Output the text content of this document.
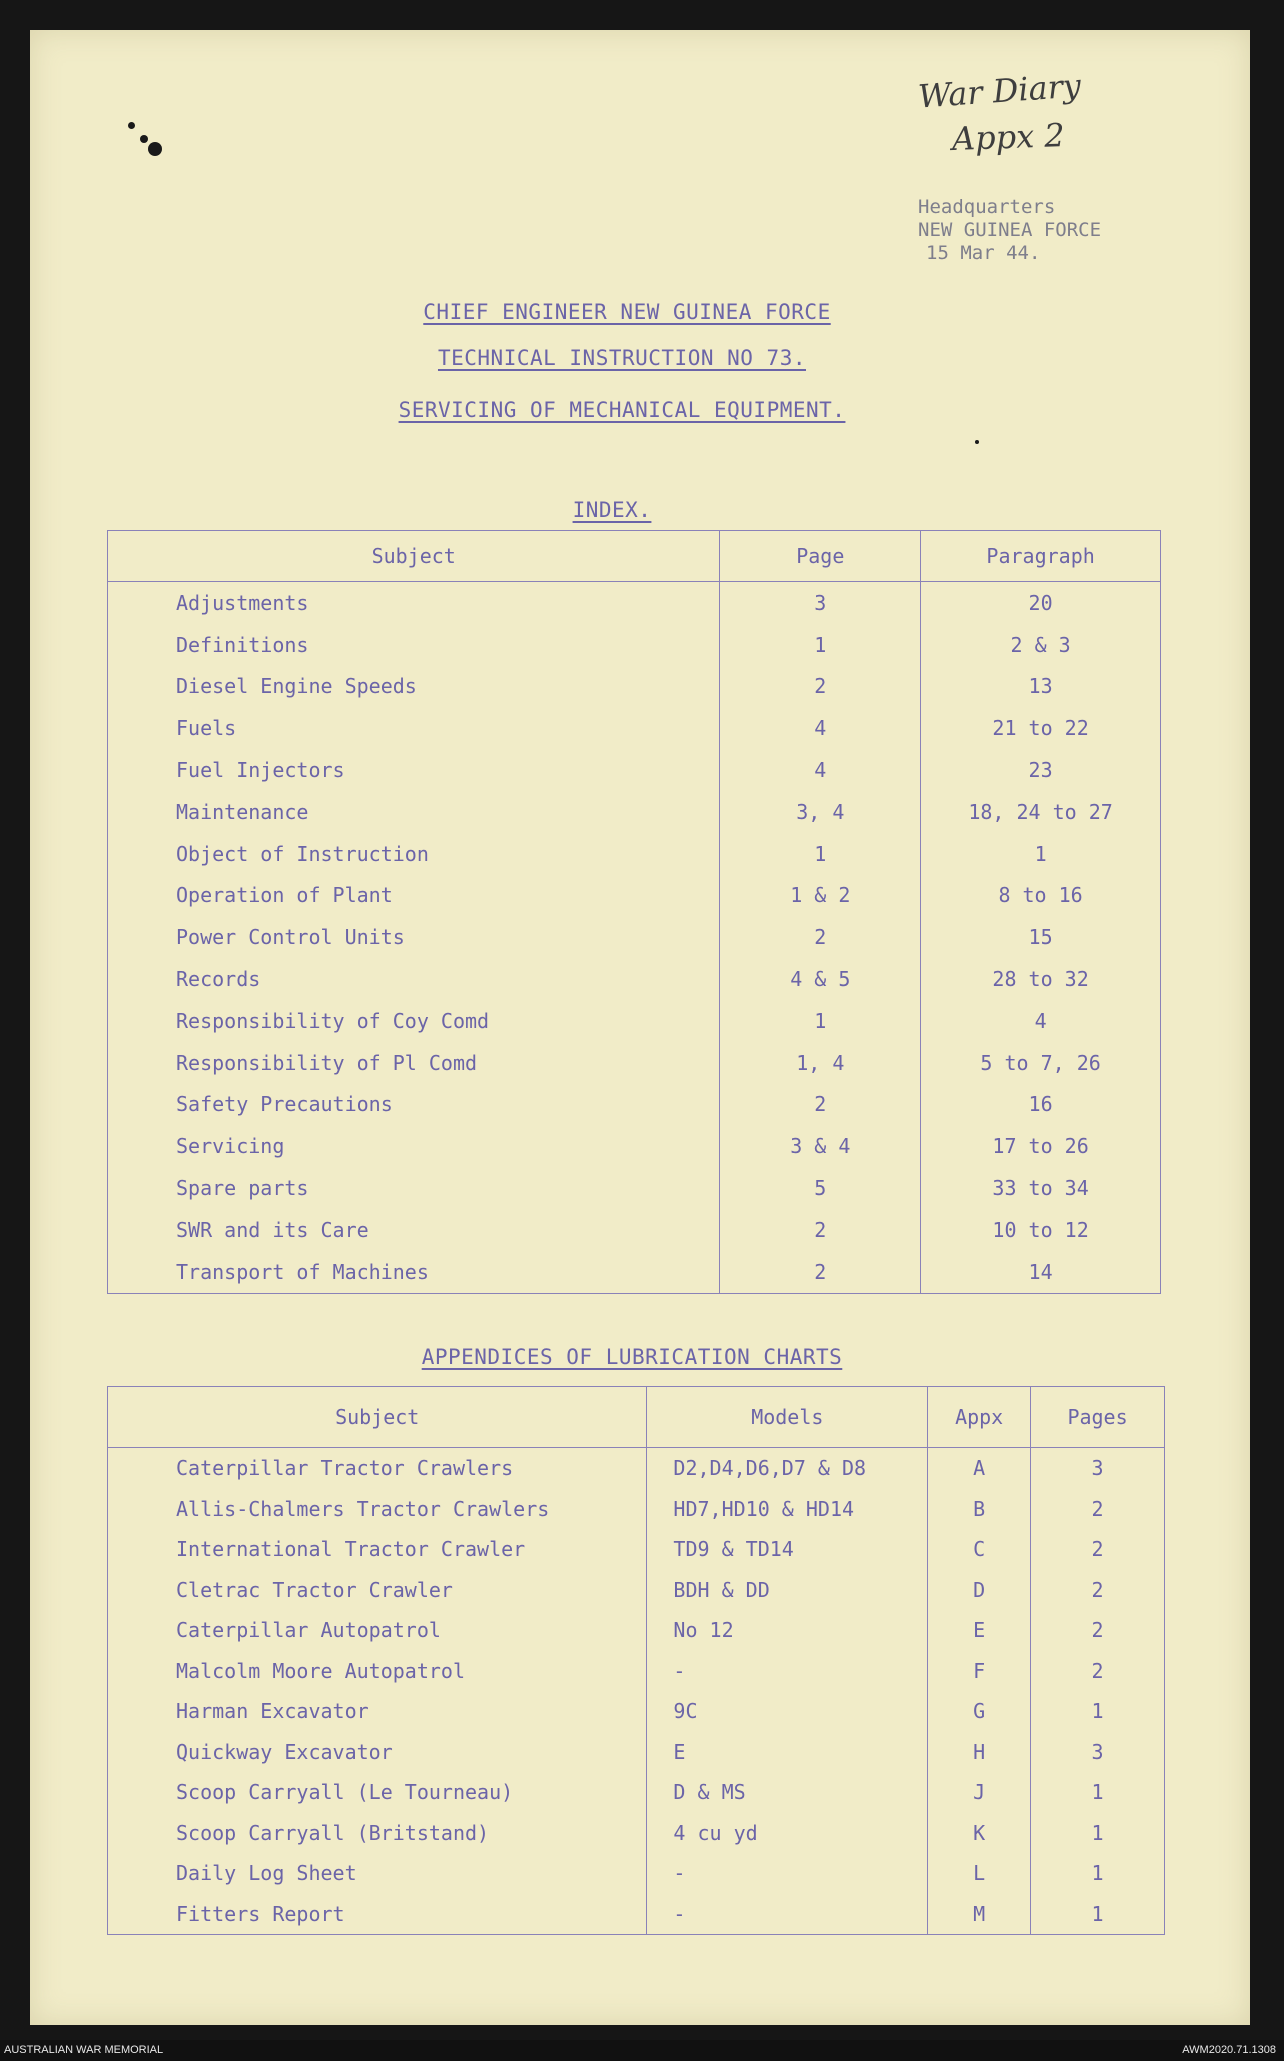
War Diary
Appx 2
Headquarters
NEW GUINEA FORCE
15 Mar 44.
CHIEF ENGINEER NEW GUINEA FORCE
TECHNICAL INSTRUCTION NO 73.
SERVICING OF MECHANICAL EQUIPMENT.
INDEX.
Subject	Page	Paragraph
Adjustments	3	20
Definitions	1	2 & 3
Diesel Engine Speeds	2	13
Fuels	4	21 to 22
Fuel Injectors	4	23
Maintenance	3, 4	18, 24 to 27
Object of Instruction	1	1
Operation of Plant	1 & 2	8 to 16
Power Control Units	2	15
Records	4 & 5	28 to 32
Responsibility of Coy Comd	1	4
Responsibility of Pl Comd	1, 4	5 to 7, 26
Safety Precautions	2	16
Servicing	3 & 4	17 to 26
Spare parts	5	33 to 34
SWR and its Care	2	10 to 12
Transport of Machines	2	14
APPENDICES OF LUBRICATION CHARTS
Subject	Models	Appx	Pages
Caterpillar Tractor Crawlers	D2,D4,D6,D7 & D8	A	3
Allis-Chalmers Tractor Crawlers	HD7,HD10 & HD14	B	2
International Tractor Crawler	TD9 & TD14	C	2
Cletrac Tractor Crawler	BDH & DD	D	2
Caterpillar Autopatrol	No 12	E	2
Malcolm Moore Autopatrol	-	F	2
Harman Excavator	9C	G	1
Quickway Excavator	E	H	3
Scoop Carryall (Le Tourneau)	D & MS	J	1
Scoop Carryall (Britstand)	4 cu yd	K	1
Daily Log Sheet	-	L	1
Fitters Report	-	M	1
AUSTRALIAN WAR MEMORIAL	AWM2020.71.1308
